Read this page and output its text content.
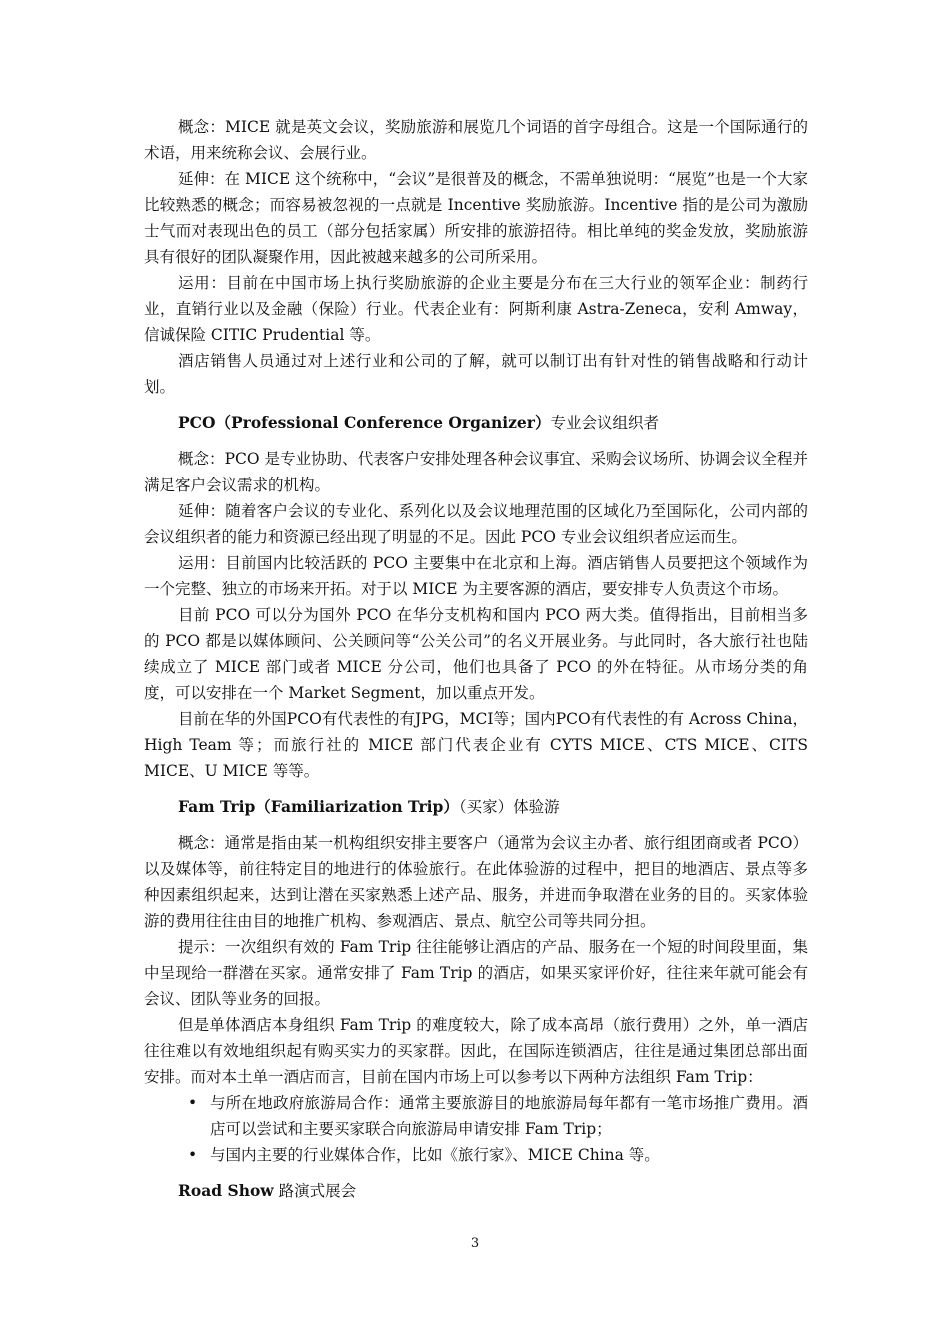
概念：MICE 就是英文会议，奖励旅游和展览几个词语的首字母组合。这是一个国际通行的术语，用来统称会议、会展行业。

延伸：在 MICE 这个统称中，“会议”是很普及的概念，不需单独说明：“展览”也是一个大家比较熟悉的概念；而容易被忽视的一点就是 Incentive 奖励旅游。Incentive 指的是公司为激励士气而对表现出色的员工（部分包括家属）所安排的旅游招待。相比单纯的奖金发放，奖励旅游具有很好的团队凝聚作用，因此被越来越多的公司所采用。

运用：目前在中国市场上执行奖励旅游的企业主要是分布在三大行业的领军企业：制药行业，直销行业以及金融（保险）行业。代表企业有：阿斯利康 Astra-Zeneca，安利 Amway，信诚保险 CITIC Prudential 等。

酒店销售人员通过对上述行业和公司的了解，就可以制订出有针对性的销售战略和行动计划。

PCO（Professional Conference Organizer）专业会议组织者

概念：PCO 是专业协助、代表客户安排处理各种会议事宜、采购会议场所、协调会议全程并满足客户会议需求的机构。

延伸：随着客户会议的专业化、系列化以及会议地理范围的区域化乃至国际化，公司内部的会议组织者的能力和资源已经出现了明显的不足。因此 PCO 专业会议组织者应运而生。

运用：目前国内比较活跃的 PCO 主要集中在北京和上海。酒店销售人员要把这个领域作为一个完整、独立的市场来开拓。对于以 MICE 为主要客源的酒店，要安排专人负责这个市场。

目前 PCO 可以分为国外 PCO 在华分支机构和国内 PCO 两大类。值得指出，目前相当多的 PCO 都是以媒体顾问、公关顾问等“公关公司”的名义开展业务。与此同时，各大旅行社也陆续成立了 MICE 部门或者 MICE 分公司，他们也具备了 PCO 的外在特征。从市场分类的角度，可以安排在一个 Market Segment，加以重点开发。

目前在华的外国PCO有代表性的有JPG，MCI等；国内PCO有代表性的有 Across China，High Team 等；而旅行社的 MICE 部门代表企业有 CYTS MICE、CTS MICE、CITS MICE、U MICE 等等。

Fam Trip（Familiarization Trip）（买家）体验游

概念：通常是指由某一机构组织安排主要客户（通常为会议主办者、旅行组团商或者 PCO）以及媒体等，前往特定目的地进行的体验旅行。在此体验游的过程中，把目的地酒店、景点等多种因素组织起来，达到让潜在买家熟悉上述产品、服务，并进而争取潜在业务的目的。买家体验游的费用往往由目的地推广机构、参观酒店、景点、航空公司等共同分担。

提示：一次组织有效的 Fam Trip 往往能够让酒店的产品、服务在一个短的时间段里面，集中呈现给一群潜在买家。通常安排了 Fam Trip 的酒店，如果买家评价好，往往来年就可能会有会议、团队等业务的回报。

但是单体酒店本身组织 Fam Trip 的难度较大，除了成本高昂（旅行费用）之外，单一酒店往往难以有效地组织起有购买实力的买家群。因此，在国际连锁酒店，往往是通过集团总部出面安排。而对本土单一酒店而言，目前在国内市场上可以参考以下两种方法组织 Fam Trip：

• 与所在地政府旅游局合作：通常主要旅游目的地旅游局每年都有一笔市场推广费用。酒店可以尝试和主要买家联合向旅游局申请安排 Fam Trip；
• 与国内主要的行业媒体合作，比如《旅行家》、MICE China 等。

Road Show 路演式展会

3
